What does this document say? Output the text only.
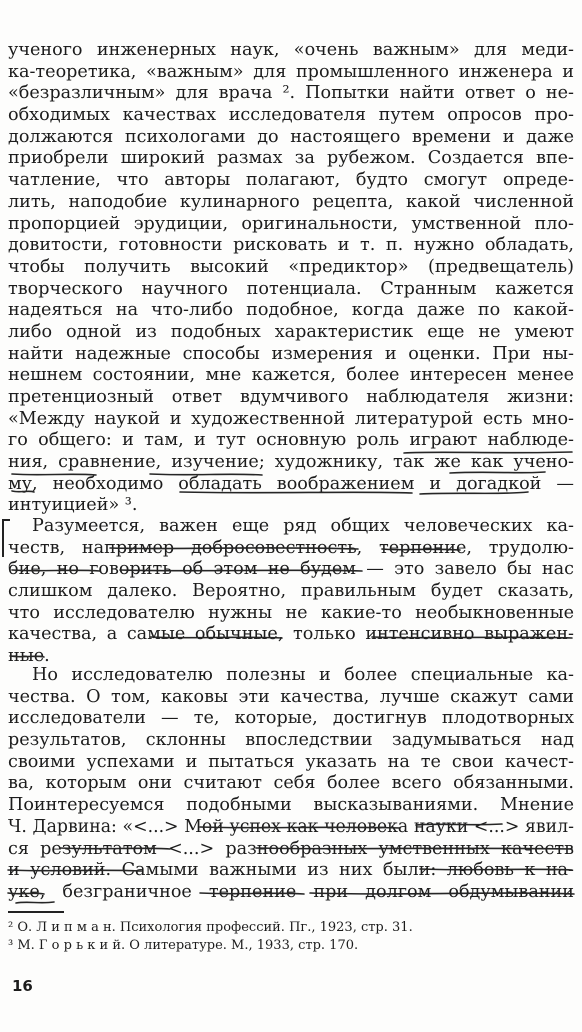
ученого инженерных наук, «очень важным» для меди-
ка-теоретика, «важным» для промышленного инженера и
«безразличным» для врача ². Попытки найти ответ о не-
обходимых качествах исследователя путем опросов про-
должаются психологами до настоящего времени и даже
приобрели широкий размах за рубежом. Создается впе-
чатление, что авторы полагают, будто смогут опреде-
лить, наподобие кулинарного рецепта, какой численной
пропорцией эрудиции, оригинальности, умственной пло-
довитости, готовности рисковать и т. п. нужно обладать,
чтобы получить высокий «предиктор» (предвещатель)
творческого научного потенциала. Странным кажется
надеяться на что-либо подобное, когда даже по какой-
либо одной из подобных характеристик еще не умеют
найти надежные способы измерения и оценки. При ны-
нешнем состоянии, мне кажется, более интересен менее
претенциозный ответ вдумчивого наблюдателя жизни:
«Между наукой и художественной литературой есть мно-
го общего: и там, и тут основную роль играют наблюде-
ния, сравнение, изучение; художнику, так же как учено-
му, необходимо обладать воображением и догадкой —
интуицией» ³.
Разумеется, важен еще ряд общих человеческих ка-
честв, например добросовестность, терпение, трудолю-
бие, но говорить об этом не будем — это завело бы нас
слишком далеко. Вероятно, правильным будет сказать,
что исследователю нужны не какие-то необыкновенные
качества, а самые обычные, только интенсивно выражен-
ные.
Но исследователю полезны и более специальные ка-
чества. О том, каковы эти качества, лучше скажут сами
исследователи — те, которые, достигнув плодотворных
результатов, склонны впоследствии задумываться над
своими успехами и пытаться указать на те свои качест-
ва, которым они считают себя более всего обязанными.
Поинтересуемся подобными высказываниями. Мнение
Ч. Дарвина: «<...> Мой успех как человека науки <...> явил-
ся результатом <...> разнообразных умственных качеств
и условий. Самыми важными из них были: любовь к на-
уке, безграничное терпение при долгом обдумывании
² О. Л и п м а н. Психология профессий. Пг., 1923, стр. 31.
³ М. Г о р ь к и й. О литературе. М., 1933, стр. 170.
16
